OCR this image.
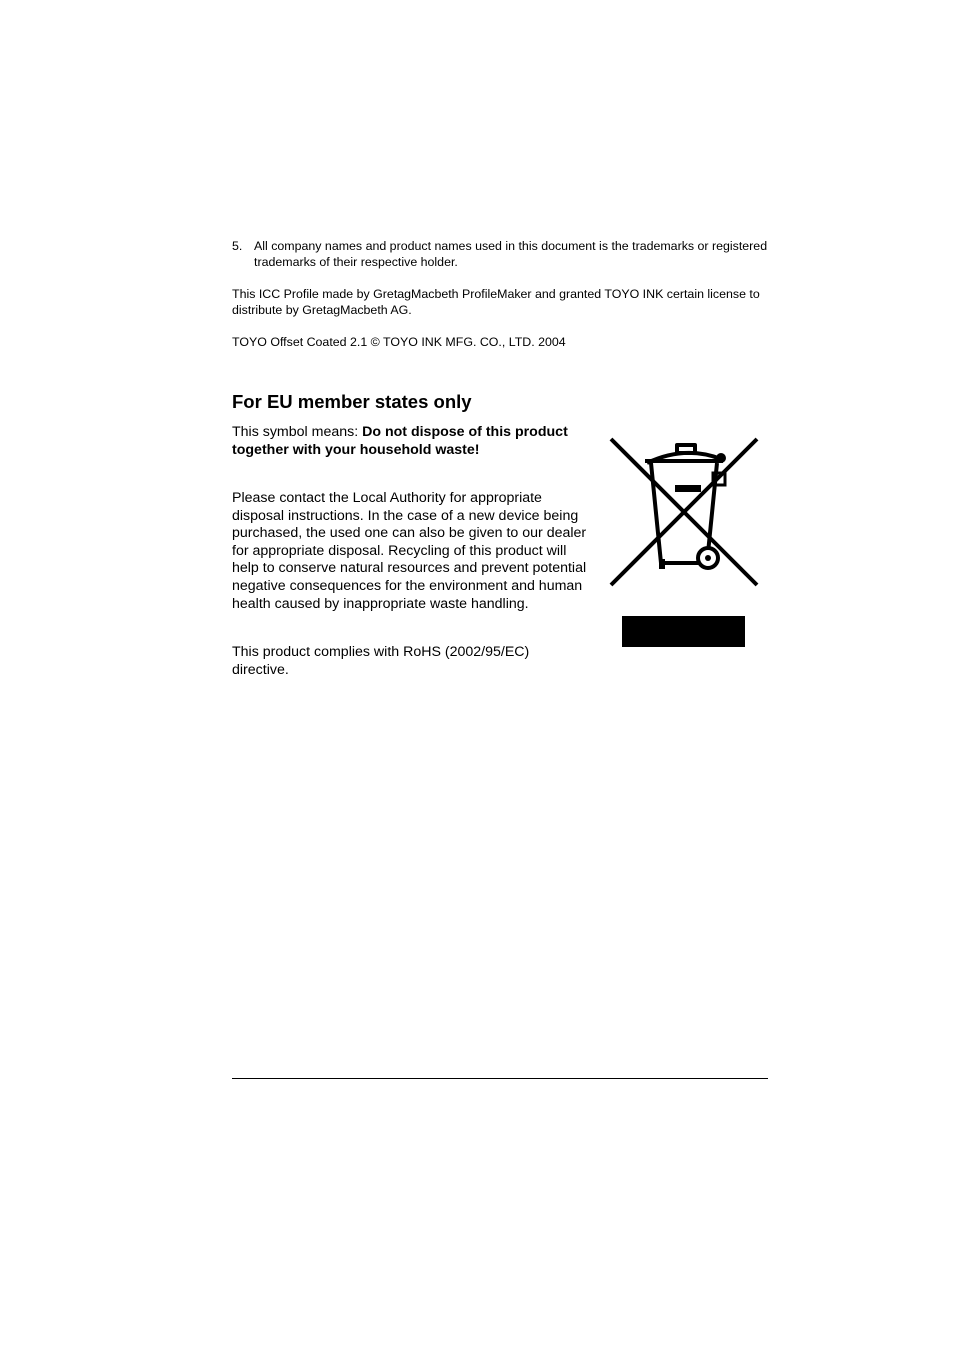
5. All company names and product names used in this document is the trademarks or registered trademarks of their respective holder.

This ICC Profile made by GretagMacbeth ProfileMaker and granted TOYO INK certain license to distribute by GretagMacbeth AG.

TOYO Offset Coated 2.1 © TOYO INK MFG. CO., LTD. 2004

For EU member states only

This symbol means: Do not dispose of this product together with your household waste!

Please contact the Local Authority for appropriate disposal instructions. In the case of a new device being purchased, the used one can also be given to our dealer for appropriate disposal. Recycling of this product will help to conserve natural resources and prevent potential negative consequences for the environment and human health caused by inappropriate waste handling.

This product complies with RoHS (2002/95/EC) directive.
